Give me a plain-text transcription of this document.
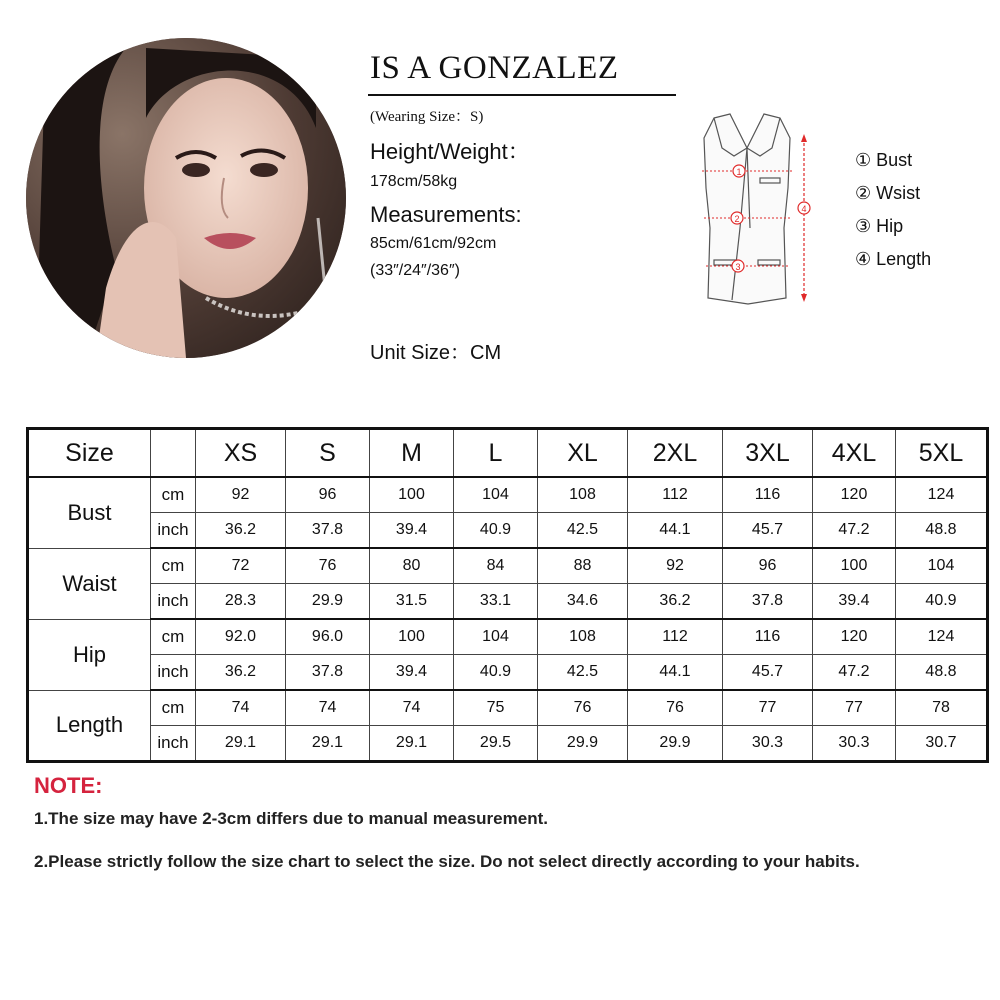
IS A GONZALEZ
(Wearing Size：S)
Height/Weight：
178cm/58kg
Measurements:
85cm/61cm/92cm
(33″/24″/36″)
Unit Size：CM
1
2
3
4
① Bust
② Wsist
③ Hip
④ Length
Size		XS	S	M	L	XL	2XL	3XL	4XL	5XL
Bust	cm	92	96	100	104	108	112	116	120	124
	inch	36.2	37.8	39.4	40.9	42.5	44.1	45.7	47.2	48.8
Waist	cm	72	76	80	84	88	92	96	100	104
	inch	28.3	29.9	31.5	33.1	34.6	36.2	37.8	39.4	40.9
Hip	cm	92.0	96.0	100	104	108	112	116	120	124
	inch	36.2	37.8	39.4	40.9	42.5	44.1	45.7	47.2	48.8
Length	cm	74	74	74	75	76	76	77	77	78
	inch	29.1	29.1	29.1	29.5	29.9	29.9	30.3	30.3	30.7
NOTE:
1.The size may have 2-3cm differs due to manual measurement.
2.Please strictly follow the size chart to select the size. Do not select directly according to your habits.
